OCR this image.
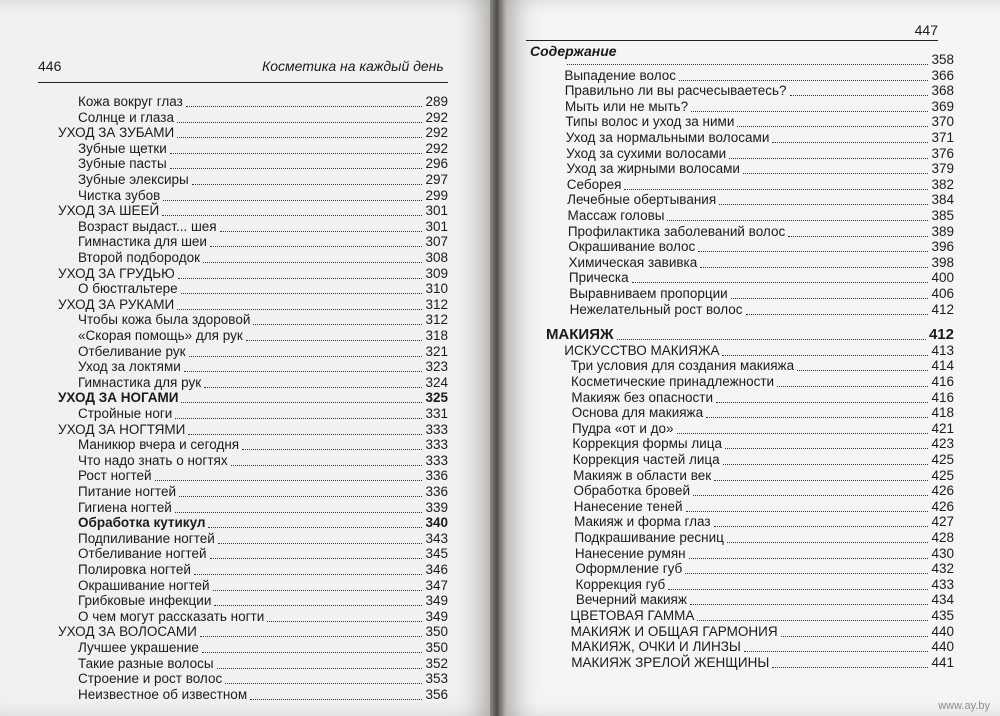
446	Косметика на каждый день
Кожа вокруг глаз	289
Солнце и глаза	292
УХОД ЗА ЗУБАМИ	292
Зубные щетки	292
Зубные пасты	296
Зубные элексиры	297
Чистка зубов	299
УХОД ЗА ШЕЕЙ	301
Возраст выдаст... шея	301
Гимнастика для шеи	307
Второй подбородок	308
УХОД ЗА ГРУДЬЮ	309
О бюстгальтере	310
УХОД ЗА РУКАМИ	312
Чтобы кожа была здоровой	312
«Скорая помощь» для рук	318
Отбеливание рук	321
Уход за локтями	323
Гимнастика для рук	324
УХОД ЗА НОГАМИ	325
Стройные ноги	331
УХОД ЗА НОГТЯМИ	333
Маникюр вчера и сегодня	333
Что надо знать о ногтях	333
Рост ногтей	336
Питание ногтей	336
Гигиена ногтей	339
Обработка кутикул	340
Подпиливание ногтей	343
Отбеливание ногтей	345
Полировка ногтей	346
Окрашивание ногтей	347
Грибковые инфекции	349
О чем могут рассказать ногти	349
УХОД ЗА ВОЛОСАМИ	350
Лучшее украшение	350
Такие разные волосы	352
Строение и рост волос	353
Неизвестное об известном	356
447
Содержание
358
Выпадение волос	366
Правильно ли вы расчесываетесь?	368
Мыть или не мыть?	369
Типы волос и уход за ними	370
Уход за нормальными волосами	371
Уход за сухими волосами	376
Уход за жирными волосами	379
Себорея	382
Лечебные обертывания	384
Массаж головы	385
Профилактика заболеваний волос	389
Окрашивание волос	396
Химическая завивка	398
Прическа	400
Выравниваем пропорции	406
Нежелательный рост волос	412
МАКИЯЖ	412
ИСКУССТВО МАКИЯЖА	413
Три условия для создания макияжа	414
Косметические принадлежности	416
Макияж без опасности	416
Основа для макияжа	418
Пудра «от и до»	421
Коррекция формы лица	423
Коррекция частей лица	425
Макияж в области век	425
Обработка бровей	426
Нанесение теней	426
Макияж и форма глаз	427
Подкрашивание ресниц	428
Нанесение румян	430
Оформление губ	432
Коррекция губ	433
Вечерний макияж	434
ЦВЕТОВАЯ ГАММА	435
МАКИЯЖ И ОБЩАЯ ГАРМОНИЯ	440
МАКИЯЖ, ОЧКИ И ЛИНЗЫ	440
МАКИЯЖ ЗРЕЛОЙ ЖЕНЩИНЫ	441
www.ay.by
